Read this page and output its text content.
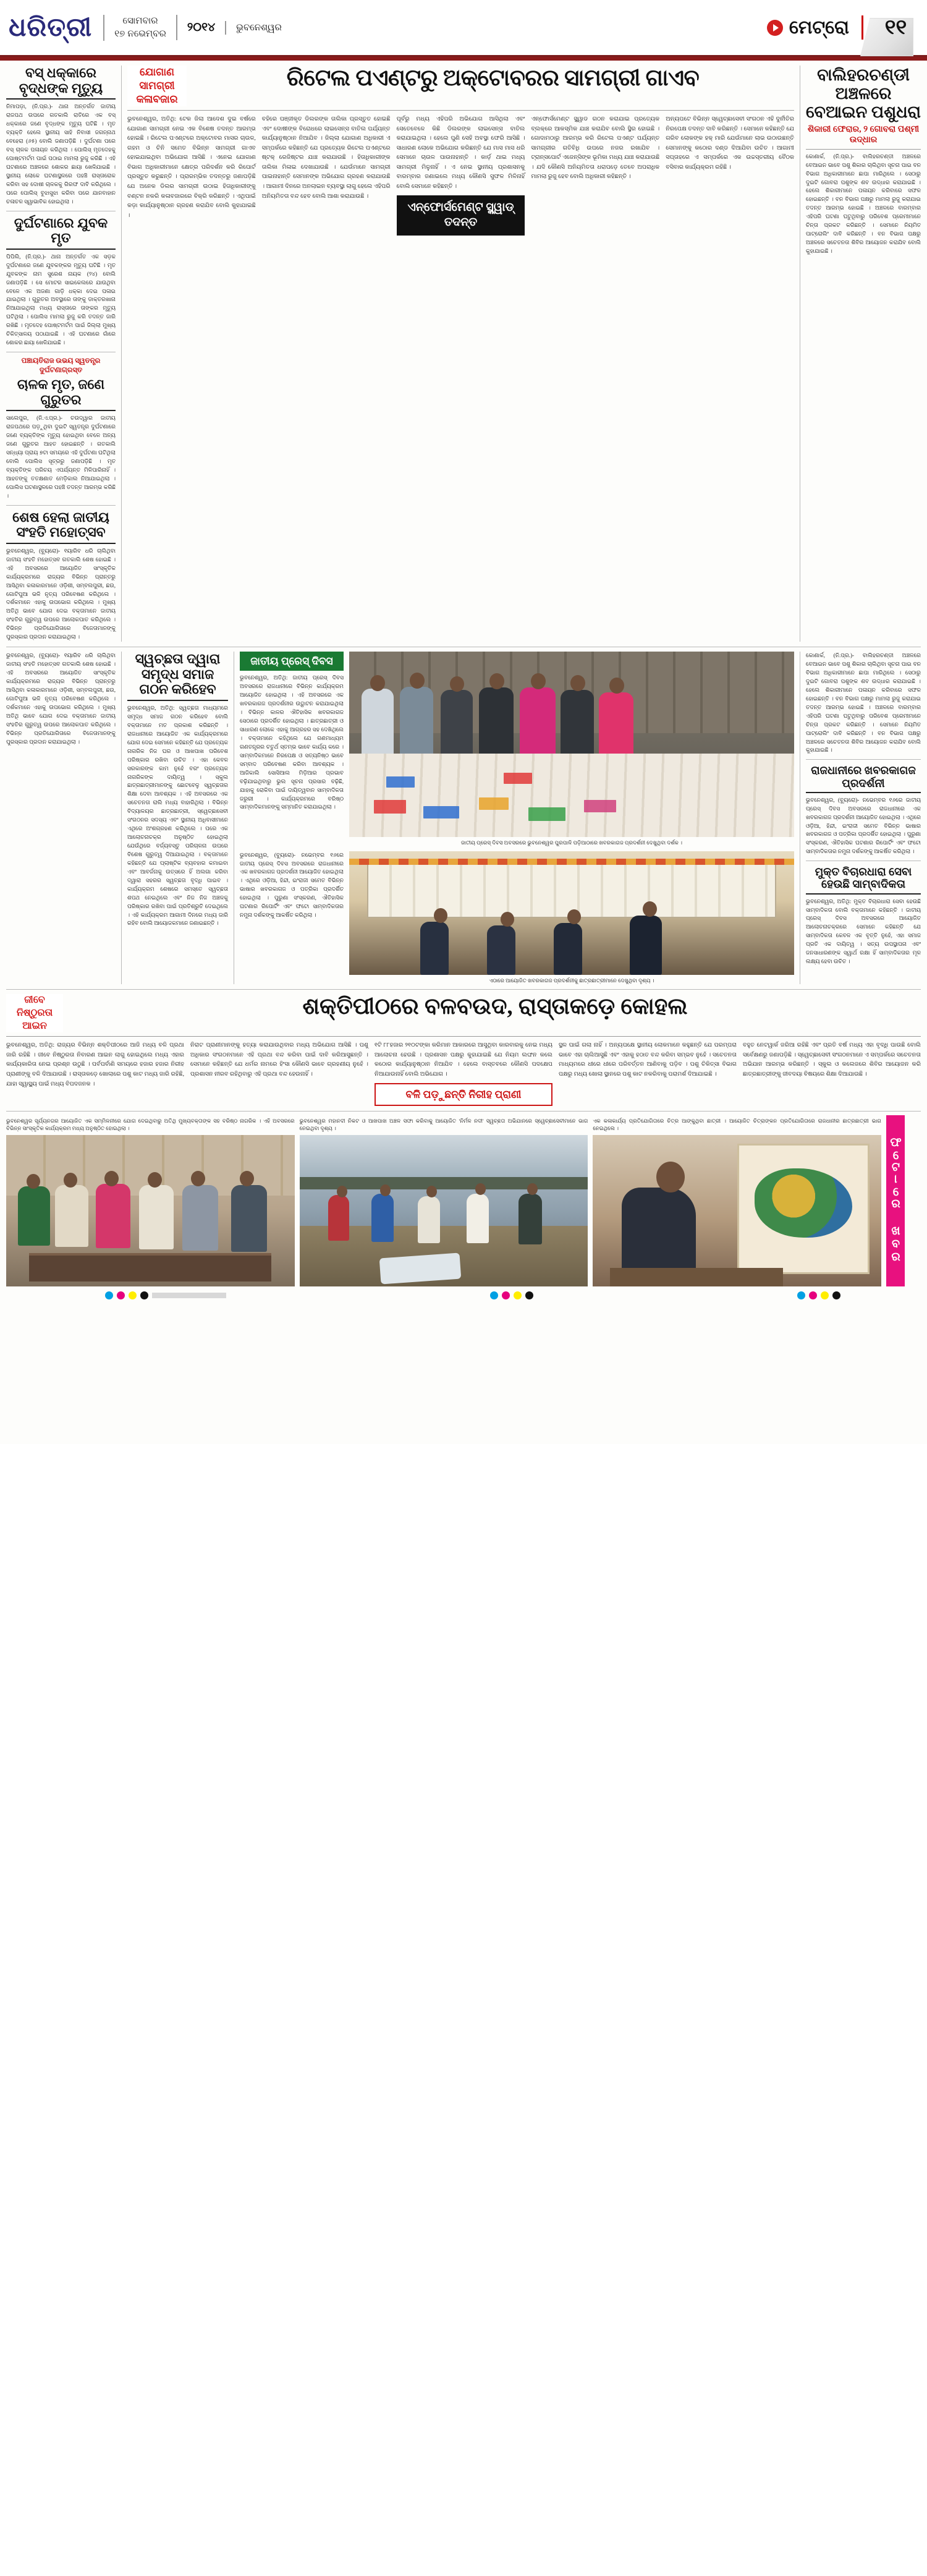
ଧରିତ୍ରୀ	ସୋମବାର
୧୭ ନଭେମ୍ବର	୨୦୧୪	ଭୁବନେଶ୍ୱର	ମେଟ୍ରୋ	୧୧
ବସ୍ ଧକ୍କାରେ ବୃଦ୍ଧଙ୍କ ମୃତ୍ୟୁ
ନିମାପଡ଼ା, (ନି.ପ୍ର.)- ଥାନା ଅନ୍ତର୍ଗତ ଜାତୀୟ ରାଜପଥ ଉପରେ ଗତକାଲି ରାତିରେ ଏକ ବସ୍ ଧକ୍କାରେ ଜଣେ ବୃଦ୍ଧଙ୍କ ମୃତ୍ୟୁ ଘଟିଛି । ମୃତ ବ୍ୟକ୍ତି ହେଲେ ସ୍ଥାନୀୟ ସାହି ନିବାସୀ ଜଗନ୍ନାଥ ବେହେରା (୬୫) ବୋଲି ଜଣାପଡ଼ିଛି । ଦୁର୍ଘଟଣା ପରେ ବସ୍ ଚାଳକ ପଳାୟନ କରିଥିଲା । ପୋଲିସ୍ ମୃତଦେହକୁ ପୋଷ୍ଟମର୍ଟମ ପାଇଁ ପଠାଇ ମାମଲା ରୁଜୁ କରିଛି । ଏହି ଘଟଣାରେ ଅଞ୍ଚଳରେ ଶୋକର ଛାୟା ଖେଳିଯାଇଛି । ସ୍ଥାନୀୟ ଲୋକେ ଘଟଣାସ୍ଥଳରେ ପହଞ୍ଚି ରାସ୍ତାରୋକ କରିବା ସହ ଦୋଷୀ ଚାଳକକୁ ଗିରଫ ଦାବି କରିଥିଲେ । ପରେ ପୋଲିସ୍ ବୁଝାସୁଝା କରିବା ପରେ ଯାନବାହାନ ଚଳାଚଳ ସ୍ୱାଭାବିକ ହୋଇଥିଲା ।
ଦୁର୍ଘଟଣାରେ ଯୁବକ ମୃତ
ପିପିଲି, (ନି.ପ୍ର.)- ଥାନା ଅନ୍ତର୍ଗତ ଏକ ସଡ଼କ ଦୁର୍ଘଟଣାରେ ଜଣେ ଯୁବକଙ୍କର ମୃତ୍ୟୁ ଘଟିଛି । ମୃତ ଯୁବକଙ୍କ ନାମ ସୁରେଶ ନାୟକ (୨୪) ବୋଲି ଜଣାପଡ଼ିଛି । ସେ ମୋଟର ସାଇକେଲରେ ଯାଉଥିବା ବେଳେ ଏକ ଅଜଣା ଗାଡ଼ି ଧକ୍କା ଦେଇ ପଳାଇ ଯାଇଥିଲା । ଗୁରୁତର ଅବସ୍ଥାରେ ତାଙ୍କୁ ଡାକ୍ତରଖାନା ନିଆଯାଇଥିଲା ମଧ୍ୟ ରାସ୍ତାରେ ତାଙ୍କର ମୃତ୍ୟୁ ଘଟିଥିଲା । ପୋଲିସ ମାମଲା ରୁଜୁ କରି ତଦନ୍ତ ଜାରି ରଖିଛି । ମୃତଦେହ ପୋଷ୍ଟମର୍ଟମ ପାଇଁ ଜିଲ୍ଲା ମୁଖ୍ୟ ଚିକିତ୍ସାଳୟ ପଠାଯାଇଛି । ଏହି ଘଟଣାରେ ଗାଁରେ ଶୋକର ଛାୟା ଖେଳିଯାଇଛି ।
ପଞ୍ଚାୟତିରାଜ ଉଭୟ ସ୍ୱତନ୍ତ୍ର ଦୁର୍ଘଟଣାଗ୍ରସ୍ତ
ଚାଳକ ମୃତ, ଜଣେ ଗୁରୁତର
ସାଲେପୁର, (ନି.ଏ.ପ୍ର.)- ଚଉଦ୍ୱାର ଜାତୀୟ ରାଜପଥରେ ପଡ଼ୁଥିବା ଦୁଇଟି ସ୍ୱତନ୍ତ୍ର ଦୁର୍ଘଟଣାରେ ଜଣେ ବ୍ୟକ୍ତିଙ୍କ ମୃତ୍ୟୁ ହୋଇଥିବା ବେଳେ ଅନ୍ୟ ଜଣେ ଗୁରୁତର ଆହତ ହୋଇଛନ୍ତି । ଗତକାଲି ସନ୍ଧ୍ୟା ପ୍ରାୟ ୭ଟା ସମୟରେ ଏହି ଦୁର୍ଘଟଣା ଘଟିଥିଲା ବୋଲି ପୋଲିସ ସୂତ୍ରରୁ ଜଣାପଡ଼ିଛି । ମୃତ ବ୍ୟକ୍ତିଙ୍କ ପରିଚୟ ଏପର୍ଯ୍ୟନ୍ତ ମିଳିପାରିନାହିଁ । ଆହତଙ୍କୁ ତତକ୍ଷଣାତ ମେଡ଼ିକାଲ ନିଆଯାଇଥିଲା । ପୋଲିସ ଘଟଣାସ୍ଥଳରେ ପହଞ୍ଚି ତଦନ୍ତ ଆରମ୍ଭ କରିଛି ।
ଶେଷ ହେଲା ଜାତୀୟ ସଂହତି ମହୋତ୍ସବ
ଭୁବନେଶ୍ୱର, (ବ୍ୟୁରୋ)- ୧ୟାରିବ ଧରି ଚାଲିଥିବା ଜାତୀୟ ସଂହତି ମହୋତ୍ସବ ଗତକାଲି ଶେଷ ହୋଇଛି । ଏହି ଅବସରରେ ଆୟୋଜିତ ସାଂସ୍କୃତିକ କାର୍ଯ୍ୟକ୍ରମରେ ରାଜ୍ୟର ବିଭିନ୍ନ ପ୍ରାନ୍ତରୁ ଆସିଥିବା କଳାକାରମାନେ ଓଡ଼ିଶୀ, ସମ୍ବଲପୁରୀ, ଛଉ, ଗୋଟିପୁଆ ଭଳି ନୃତ୍ୟ ପରିବେଷଣ କରିଥିଲେ । ଦର୍ଶକମାନେ ଏହାକୁ ଉପଭୋଗ କରିଥିଲେ । ମୁଖ୍ୟ ଅତିଥି ଭାବେ ଯୋଗ ଦେଇ ବକ୍ତାମାନେ ଜାତୀୟ ସଂହତିର ଗୁରୁତ୍ୱ ଉପରେ ଆଲୋକପାତ କରିଥିଲେ । ବିଭିନ୍ନ ପ୍ରତିଯୋଗିତାରେ ବିଜେତାମାନଙ୍କୁ ପୁରସ୍କାର ପ୍ରଦାନ କରାଯାଇଥିଲା ।
ଯୋଗାଣ ସାମଗ୍ରୀ କଳାବଜାର
ରିଟେଲ ପଏଣ୍ଟରୁ ଅକ୍ଟୋବରର ସାମଗ୍ରୀ ଗାଏବ
ଭୁବନେଶ୍ୱର, ଅତିଥି: ଟେକ ଜିଲା ଆଦେଶ ଦୁଇ ବର୍ଷରେ ଯୋଗାଣ ସାମଗ୍ରୀ ନେଇ ଏକ ବିଶେଷ ତଦନ୍ତ ଆରମ୍ଭ ହୋଇଛି । ରିଟେଲ ପଏଣ୍ଟରେ ଅକ୍ଟୋବର ମାସର ଚାଉଳ, ଗହମ ଓ ଚିନି ସମେତ ବିଭିନ୍ନ ସାମଗ୍ରୀ ଗାଏବ ହୋଇଯାଇଥିବା ଅଭିଯୋଗ ଆସିଛି । ଏନେଇ ଯୋଗାଣ ବିଭାଗ ଅଧିକାରୀମାନେ କ୍ଷେତ୍ର ପରିଦର୍ଶନ କରି ରିପୋର୍ଟ ପ୍ରସ୍ତୁତ କରୁଛନ୍ତି । ପ୍ରାରମ୍ଭିକ ତଦନ୍ତରୁ ଜଣାପଡ଼ିଛି ଯେ ଅନେକ ଡିଲର ସାମଗ୍ରୀ ଉଠାଇ ହିତାଧିକାରୀଙ୍କୁ ବଣ୍ଟନ ନକରି କଳାବଜାରରେ ବିକ୍ରି କରିଛନ୍ତି । ଏଥିପାଇଁ କଡ଼ା କାର୍ଯ୍ୟାନୁଷ୍ଠାନ ଗ୍ରହଣ କରାଯିବ ବୋଲି କୁହାଯାଇଛି ।
ବହିରେ ପଞ୍ଜୀକୃତ ଡିଲରଙ୍କ ତାଲିକା ପ୍ରସ୍ତୁତ ହୋଇଛି ଏବଂ ଦୋଷୀଙ୍କ ବିରୋଧରେ ଲାଇସେନ୍ସ ବାତିଲ ପର୍ଯ୍ୟନ୍ତ କାର୍ଯ୍ୟାନୁଷ୍ଠାନ ନିଆଯିବ । ଜିଲ୍ଲା ଯୋଗାଣ ଅଧିକାରୀ ଏ ସମ୍ପର୍କରେ କହିଛନ୍ତି ଯେ ପ୍ରତ୍ୟେକ ରିଟେଲ ପଏଣ୍ଟରେ ଷ୍ଟକ୍ ରେଜିଷ୍ଟର ଯାଞ୍ଚ କରାଯାଉଛି । ହିତାଧିକାରୀଙ୍କ ତାଲିକା ମିଳାଇ ଦେଖାଯାଉଛି । ଯେଉଁମାନେ ସାମଗ୍ରୀ ପାଇନାହାନ୍ତି ସେମାନଙ୍କ ଅଭିଯୋଗ ଗ୍ରହଣ କରାଯାଉଛି । ଆଗାମୀ ଦିନରେ ଅନଲାଇନ ବ୍ୟବସ୍ଥା ଲାଗୁ ହେଲେ ଏହିପରି ଅନିୟମିତତା ବନ୍ଦ ହେବ ବୋଲି ଆଶା କରାଯାଉଛି ।
ପୂର୍ବରୁ ମଧ୍ୟ ଏହିପରି ଅଭିଯୋଗ ଆସିଥିଲା ଏବଂ ସେତେବେଳେ କିଛି ଡିଲରଙ୍କ ଲାଇସେନ୍ସ ବାତିଲ କରାଯାଇଥିଲା । ହେଲେ ପୁଣି ସେହି ଅବସ୍ଥା ଫେରି ଆସିଛି । ସାଧାରଣ ଲୋକେ ଅଭିଯୋଗ କରିଛନ୍ତି ଯେ ମାସ ମାସ ଧରି ସେମାନେ ଚାଉଳ ପାଉନାହାନ୍ତି । କାର୍ଡ଼ ଥାଇ ମଧ୍ୟ ସାମଗ୍ରୀ ମିଳୁନାହିଁ । ଏ ନେଇ ସ୍ଥାନୀୟ ପ୍ରଶାସନକୁ ବାରମ୍ବାର ଜଣାଇଲେ ମଧ୍ୟ କୌଣସି ସୁଫଳ ମିଳିନାହିଁ ବୋଲି ସେମାନେ କହିଛନ୍ତି ।
ଏନ୍‌ଫୋର୍ସମେଣ୍ଟ ସ୍କ୍ୱାଡ୍ ତଦନ୍ତ
ଏନ୍‌ଫୋର୍ସମେଣ୍ଟ ସ୍କ୍ୱାଡ ଗଠନ କରାଯାଇ ପ୍ରତ୍ୟେକ ବ୍ଲକ୍‌ରେ ଆକସ୍ମିକ ଯାଞ୍ଚ କରାଯିବ ବୋଲି ସ୍ଥିର ହୋଇଛି । ଗୋଦାମଠାରୁ ଆରମ୍ଭ କରି ରିଟେଲ ପଏଣ୍ଟ ପର୍ଯ୍ୟନ୍ତ ସାମଗ୍ରୀର ଗତିବିଧି ଉପରେ ନଜର ରଖାଯିବ । ଟ୍ରାନ୍ସପୋର୍ଟ ଏଜେନ୍ସିଙ୍କ ଭୂମିକା ମଧ୍ୟ ଯାଞ୍ଚ କରାଯାଉଛି । ଯଦି କୌଣସି ଅନିୟମିତତା ଧରାପଡ଼େ ତେବେ ଅପରାଧିକ ମାମଲା ରୁଜୁ ହେବ ବୋଲି ଅଧିକାରୀ କହିଛନ୍ତି ।
ଅନ୍ୟପଟେ ବିଭିନ୍ନ ସ୍ୱେଚ୍ଛାସେବୀ ସଂଗଠନ ଏହି ଦୁର୍ନୀତିର ନିରପେକ୍ଷ ତଦନ୍ତ ଦାବି କରିଛନ୍ତି । ସେମାନେ କହିଛନ୍ତି ଯେ ଗରିବ ଲୋକଙ୍କ ହକ୍ ମାରି ଯେଉଁମାନେ ଲାଭ ଉଠାଉଛନ୍ତି ସେମାନଙ୍କୁ କଠୋର ଦଣ୍ଡ ଦିଆଯିବା ଉଚିତ । ଆଗାମୀ ସପ୍ତାହରେ ଏ ସମ୍ପର୍କରେ ଏକ ଉଚ୍ଚସ୍ତରୀୟ ବୈଠକ ବସିବାର କାର୍ଯ୍ୟକ୍ରମ ରହିଛି ।
ବାଲିହରଚଣ୍ଡୀ ଅଞ୍ଚଳରେ ବେଆଇନ ପଶୁଧରା
ଶିକାରୀ ଫେରାର, ୨ ଗୋବରା ପଶ୍ମୀ ଉଦ୍ଧାର
କୋଣାର୍କ, (ନି.ପ୍ର.)- ବାଲିହରଚଣ୍ଡୀ ଅଞ୍ଚଳରେ ବେଆଇନ ଭାବେ ପଶୁ ଶିକାର ଚାଲିଥିବା ସୂଚନା ପାଇ ବନ ବିଭାଗ ଅଧିକାରୀମାନେ ଛାପା ମାରିଥିଲେ । ସେଠାରୁ ଦୁଇଟି ଗୋବରା ପଶୁଙ୍କ ଶବ ଉଦ୍ଧାର କରାଯାଇଛି । ହେଲେ ଶିକାରୀମାନେ ପଳାୟନ କରିବାରେ ସଫଳ ହୋଇଛନ୍ତି । ବନ ବିଭାଗ ପକ୍ଷରୁ ମାମଲା ରୁଜୁ କରାଯାଇ ତଦନ୍ତ ଆରମ୍ଭ ହୋଇଛି । ଅଞ୍ଚଳରେ ବାରମ୍ବାର ଏହିପରି ଘଟଣା ଘଟୁଥିବାରୁ ପରିବେଶ ପ୍ରେମୀମାନେ ଚିନ୍ତା ପ୍ରକଟ କରିଛନ୍ତି । ସେମାନେ ନିୟମିତ ପାଟ୍ରୋଲିଂ ଦାବି କରିଛନ୍ତି । ବନ ବିଭାଗ ପକ୍ଷରୁ ଅଞ୍ଚଳରେ ସଚେତନତା ଶିବିର ଆୟୋଜନ କରାଯିବ ବୋଲି କୁହାଯାଇଛି ।
ଭୁବନେଶ୍ୱର, (ବ୍ୟୁରୋ)- ୧ୟାରିବ ଧରି ଚାଲିଥିବା ଜାତୀୟ ସଂହତି ମହୋତ୍ସବ ଗତକାଲି ଶେଷ ହୋଇଛି । ଏହି ଅବସରରେ ଆୟୋଜିତ ସାଂସ୍କୃତିକ କାର୍ଯ୍ୟକ୍ରମରେ ରାଜ୍ୟର ବିଭିନ୍ନ ପ୍ରାନ୍ତରୁ ଆସିଥିବା କଳାକାରମାନେ ଓଡ଼ିଶୀ, ସମ୍ବଲପୁରୀ, ଛଉ, ଗୋଟିପୁଆ ଭଳି ନୃତ୍ୟ ପରିବେଷଣ କରିଥିଲେ । ଦର୍ଶକମାନେ ଏହାକୁ ଉପଭୋଗ କରିଥିଲେ । ମୁଖ୍ୟ ଅତିଥି ଭାବେ ଯୋଗ ଦେଇ ବକ୍ତାମାନେ ଜାତୀୟ ସଂହତିର ଗୁରୁତ୍ୱ ଉପରେ ଆଲୋକପାତ କରିଥିଲେ । ବିଭିନ୍ନ ପ୍ରତିଯୋଗିତାରେ ବିଜେତାମାନଙ୍କୁ ପୁରସ୍କାର ପ୍ରଦାନ କରାଯାଇଥିଲା ।
ସ୍ୱଚ୍ଛତା ଦ୍ୱାରା ସମୃଦ୍ଧ ସମାଜ ଗଠନ କରିହେବ
ଭୁବନେଶ୍ୱର, ଅତିଥି: ସ୍ୱଚ୍ଛତା ମାଧ୍ୟମରେ ସମୃଦ୍ଧ ସମାଜ ଗଠନ କରିହେବ ବୋଲି ବକ୍ତାମାନେ ମତ ପ୍ରକାଶ କରିଛନ୍ତି । ରାଜଧାନୀରେ ଆୟୋଜିତ ଏକ କାର୍ଯ୍ୟକ୍ରମରେ ଯୋଗ ଦେଇ ସେମାନେ କହିଛନ୍ତି ଯେ ପ୍ରତ୍ୟେକ ନାଗରିକ ନିଜ ଘର ଓ ଆଖପାଖ ପରିବେଶ ପରିଷ୍କାର ରଖିବା ଉଚିତ । ଏହା କେବଳ ସରକାରଙ୍କ କାମ ନୁହେଁ ବରଂ ପ୍ରତ୍ୟେକ ନାଗରିକଙ୍କ ଦାୟିତ୍ୱ । ସ୍କୁଲ ଛାତ୍ରଛାତ୍ରୀମାନଙ୍କୁ ଛୋଟବେଳୁ ସ୍ୱଚ୍ଛତାର ଶିକ୍ଷା ଦେବା ଆବଶ୍ୟକ । ଏହି ଅବସରରେ ଏକ ସଚେତନତା ରାଲି ମଧ୍ୟ ବାହାରିଥିଲା । ବିଭିନ୍ନ ବିଦ୍ୟାଳୟର ଛାତ୍ରଛାତ୍ରୀ, ସ୍ୱେଚ୍ଛାସେବୀ ସଂଗଠନର ସଦସ୍ୟ ଏବଂ ସ୍ଥାନୀୟ ଅଧିବାସୀମାନେ ଏଥିରେ ଅଂଶଗ୍ରହଣ କରିଥିଲେ । ପରେ ଏକ ଆଲୋଚନାଚକ୍ର ଅନୁଷ୍ଠିତ ହୋଇଥିଲା ଯେଉଁଥିରେ ବର୍ଜ୍ୟବସ୍ତୁ ପରିଚାଳନା ଉପରେ ବିଶେଷ ଗୁରୁତ୍ୱ ଦିଆଯାଇଥିଲା । ବକ୍ତାମାନେ କହିଛନ୍ତି ଯେ ପ୍ଲାଷ୍ଟିକ ବ୍ୟବହାର କମାଇବା ଏବଂ ଆବର୍ଜନାକୁ ଉତ୍ସରେ ହିଁ ଅଲଗା କରିବା ଦ୍ୱାରା ସହରର ସ୍ୱଚ୍ଛତା ବୃଦ୍ଧି ପାଇବ । କାର୍ଯ୍ୟକ୍ରମ ଶେଷରେ ସମସ୍ତେ ସ୍ୱଚ୍ଛତା ଶପଥ ନେଇଥିଲେ ଏବଂ ନିଜ ନିଜ ଅଞ୍ଚଳକୁ ପରିଷ୍କାର ରଖିବା ପାଇଁ ପ୍ରତିଶ୍ରୁତି ଦେଇଥିଲେ । ଏହି କାର୍ଯ୍ୟକ୍ରମ ଆଗାମୀ ଦିନରେ ମଧ୍ୟ ଜାରି ରହିବ ବୋଲି ଆୟୋଜକମାନେ ଜଣାଇଛନ୍ତି ।
ଜାତୀୟ ପ୍ରେସ୍ ଦିବସ
ଭୁବନେଶ୍ୱର, ଅତିଥି: ଜାତୀୟ ପ୍ରେସ୍ ଦିବସ ଅବସରରେ ରାଜଧାନୀରେ ବିଭିନ୍ନ କାର୍ଯ୍ୟକ୍ରମ ଆୟୋଜିତ ହୋଇଥିଲା । ଏହି ଅବସରରେ ଏକ ଖବରକାଗଜ ପ୍ରଦର୍ଶନୀର ଉଦ୍ଘାଟନ କରାଯାଇଥିଲା । ବିଭିନ୍ନ କାଳର ଐତିହାସିକ ଖବରକାଗଜ ସେଠାରେ ପ୍ରଦର୍ଶିତ ହୋଇଥିଲା । ଛାତ୍ରଛାତ୍ରୀ ଓ ସାଧାରଣ ଲୋକେ ଏହାକୁ ଆଗ୍ରହର ସହ ଦେଖିଥିଲେ । ବକ୍ତାମାନେ କହିଥିଲେ ଯେ ଗଣମାଧ୍ୟମ ଗଣତନ୍ତ୍ରର ଚତୁର୍ଥ ସ୍ତମ୍ଭ ଭାବେ କାର୍ଯ୍ୟ କରେ । ସାମ୍ବାଦିକମାନେ ନିରପେକ୍ଷ ଓ ସତ୍ୟନିଷ୍ଠ ଭାବେ ସମ୍ବାଦ ପରିବେଷଣ କରିବା ଆବଶ୍ୟକ । ଆଜିକାଲି ସୋସିଆଲ ମିଡ଼ିଆର ପ୍ରଭାବ ବଢ଼ିଯାଇଥିବାରୁ ଭୁଲ ସୂଚନା ପ୍ରସାର ବଢ଼ିଛି, ଯାହାକୁ ରୋକିବା ପାଇଁ ଦାୟିତ୍ୱବାନ ସାମ୍ବାଦିକତା ଜରୁରୀ । କାର୍ଯ୍ୟକ୍ରମରେ ବରିଷ୍ଠ ସାମ୍ବାଦିକମାନଙ୍କୁ ସମ୍ମାନିତ କରାଯାଇଥିଲା ।
ଜାତୀୟ ପ୍ରେସ୍ ଦିବସ ଅବସରରେ ଭୁବନେଶ୍ୱର ପୁରପାଳି ପଡ଼ିଆଠାରେ ଖବରକାଗଜ ପ୍ରଦର୍ଶନୀ ଦେଖୁଥିବା ଦର୍ଶକ ।
ଭୁବନେଶ୍ୱର, (ବ୍ୟୁରୋ)- ନଭେମ୍ବର ୧୬ରେ ଜାତୀୟ ପ୍ରେସ୍ ଦିବସ ଅବସରରେ ରାଜଧାନୀରେ ଏକ ଖବରକାଗଜ ପ୍ରଦର୍ଶନୀ ଆୟୋଜିତ ହୋଇଥିଲା । ଏଥିରେ ଓଡ଼ିଆ, ହିନ୍ଦୀ, ଇଂରାଜୀ ସମେତ ବିଭିନ୍ନ ଭାଷାର ଖବରକାଗଜ ଓ ପତ୍ରିକା ପ୍ରଦର୍ଶିତ ହୋଇଥିଲା । ପୁରୁଣା ସଂସ୍କରଣ, ଐତିହାସିକ ଘଟଣାର ରିପୋର୍ଟିଂ ଏବଂ ଫଟୋ ସାମ୍ବାଦିକତାର ନମୁନା ଦର୍ଶକଙ୍କୁ ଆକର୍ଷିତ କରିଥିଲା ।
ଏଠାରେ ଆୟୋଜିତ ଖବରକାଗଜ ପ୍ରଦର୍ଶନୀକୁ ଛାତ୍ରଛାତ୍ରୀମାନେ ଦେଖୁଥିବା ଦୃଶ୍ୟ ।
କୋଣାର୍କ, (ନି.ପ୍ର.)- ବାଲିହରଚଣ୍ଡୀ ଅଞ୍ଚଳରେ ବେଆଇନ ଭାବେ ପଶୁ ଶିକାର ଚାଲିଥିବା ସୂଚନା ପାଇ ବନ ବିଭାଗ ଅଧିକାରୀମାନେ ଛାପା ମାରିଥିଲେ । ସେଠାରୁ ଦୁଇଟି ଗୋବରା ପଶୁଙ୍କ ଶବ ଉଦ୍ଧାର କରାଯାଇଛି । ହେଲେ ଶିକାରୀମାନେ ପଳାୟନ କରିବାରେ ସଫଳ ହୋଇଛନ୍ତି । ବନ ବିଭାଗ ପକ୍ଷରୁ ମାମଲା ରୁଜୁ କରାଯାଇ ତଦନ୍ତ ଆରମ୍ଭ ହୋଇଛି । ଅଞ୍ଚଳରେ ବାରମ୍ବାର ଏହିପରି ଘଟଣା ଘଟୁଥିବାରୁ ପରିବେଶ ପ୍ରେମୀମାନେ ଚିନ୍ତା ପ୍ରକଟ କରିଛନ୍ତି । ସେମାନେ ନିୟମିତ ପାଟ୍ରୋଲିଂ ଦାବି କରିଛନ୍ତି । ବନ ବିଭାଗ ପକ୍ଷରୁ ଅଞ୍ଚଳରେ ସଚେତନତା ଶିବିର ଆୟୋଜନ କରାଯିବ ବୋଲି କୁହାଯାଇଛି ।
ରାଜଧାନୀରେ ଖବରକାଗଜ ପ୍ରଦର୍ଶନୀ
ଭୁବନେଶ୍ୱର, (ବ୍ୟୁରୋ)- ନଭେମ୍ବର ୧୬ରେ ଜାତୀୟ ପ୍ରେସ୍ ଦିବସ ଅବସରରେ ରାଜଧାନୀରେ ଏକ ଖବରକାଗଜ ପ୍ରଦର୍ଶନୀ ଆୟୋଜିତ ହୋଇଥିଲା । ଏଥିରେ ଓଡ଼ିଆ, ହିନ୍ଦୀ, ଇଂରାଜୀ ସମେତ ବିଭିନ୍ନ ଭାଷାର ଖବରକାଗଜ ଓ ପତ୍ରିକା ପ୍ରଦର୍ଶିତ ହୋଇଥିଲା । ପୁରୁଣା ସଂସ୍କରଣ, ଐତିହାସିକ ଘଟଣାର ରିପୋର୍ଟିଂ ଏବଂ ଫଟୋ ସାମ୍ବାଦିକତାର ନମୁନା ଦର୍ଶକଙ୍କୁ ଆକର୍ଷିତ କରିଥିଲା ।
ମୁକ୍ତ ବିଚାରଧାରା ସେବା ହେଉଛି ସାମ୍ବାଦିକତା
ଭୁବନେଶ୍ୱର, ଅତିଥି: ମୁକ୍ତ ବିଚାରଧାରା ସେବା ହେଉଛି ସାମ୍ବାଦିକତା ବୋଲି ବକ୍ତାମାନେ କହିଛନ୍ତି । ଜାତୀୟ ପ୍ରେସ୍ ଦିବସ ଅବସରରେ ଆୟୋଜିତ ଆଲୋଚନାଚକ୍ରରେ ସେମାନେ କହିଛନ୍ତି ଯେ ସାମ୍ବାଦିକତା କେବଳ ଏକ ବୃତ୍ତି ନୁହେଁ, ଏହା ସମାଜ ପ୍ରତି ଏକ ଦାୟିତ୍ୱ । ସତ୍ୟ ଉପସ୍ଥାପନା ଏବଂ ଜନସାଧାରଣଙ୍କ ସ୍ୱାର୍ଥ ରକ୍ଷା ହିଁ ସାମ୍ବାଦିକତାର ମୂଳ ଲକ୍ଷ୍ୟ ହେବା ଉଚିତ ।
ଜୀବେ ନିଷ୍ଠୁରତା ଆଇନ
ଶକ୍ତିପୀଠରେ ବଳବଉଦ, ରାସ୍ତାକଡ଼େ କୋହଲ
ଭୁବନେଶ୍ୱର, ଅତିଥି: ରାଜ୍ୟର ବିଭିନ୍ନ ଶକ୍ତିପୀଠରେ ଆଜି ମଧ୍ୟ ବଳି ପ୍ରଥା ଜାରି ରହିଛି । ଜୀବେ ନିଷ୍ଠୁରତା ନିବାରଣ ଆଇନ ଲାଗୁ ହୋଇଥିଲେ ମଧ୍ୟ ଏହାର କାର୍ଯ୍ୟକାରିତା ନେଇ ପ୍ରଶ୍ନ ଉଠୁଛି । ପର୍ବପର୍ବାଣି ସମୟରେ ହଜାର ହଜାର ନିରୀହ ପ୍ରାଣୀଙ୍କୁ ବଳି ଦିଆଯାଉଛି । ରାସ୍ତାକଡ଼େ ଖୋଲାରେ ପଶୁ କାଟ ମଧ୍ୟ ଜାରି ରହିଛି, ଯାହା ସ୍ୱାସ୍ଥ୍ୟ ପାଇଁ ମଧ୍ୟ ବିପଦଜନକ ।
ନିରାଟ ପ୍ରାଣୀମାନଙ୍କୁ ହତ୍ୟା କରାଯାଉଥିବାର ମଧ୍ୟ ଅଭିଯୋଗ ଆସିଛି । ପଶୁ ଅଧିକାର ସଂଗଠନମାନେ ଏହି ପ୍ରଥା ବନ୍ଦ କରିବା ପାଇଁ ଦାବି କରିଆସୁଛନ୍ତି । ସେମାନେ କହିଛନ୍ତି ଯେ ଧର୍ମର ନାମରେ ହିଂସା କୌଣସି ଭାବେ ଗ୍ରହଣୀୟ ନୁହେଁ । ପ୍ରଶାସନ ନୀରବ ରହିଥିବାରୁ ଏହି ପ୍ରଥା ବନ୍ଦ ହେଉନାହିଁ ।
୧ଟି ୮୮ହଜାର ୨୧୦ଟଙ୍କା କରିମାନ ଆକାରରେ ଆସୁଥିବା କାରବାରକୁ ନେଇ ମଧ୍ୟ ଆଲୋଚନା ହେଉଛି । ପ୍ରଶାସନ ପକ୍ଷରୁ କୁହାଯାଇଛି ଯେ ନିୟମ ଲଙ୍ଘନ କଲେ କଠୋର କାର୍ଯ୍ୟାନୁଷ୍ଠାନ ନିଆଯିବ । ହେଲେ ବାସ୍ତବରେ କୌଣସି ପଦକ୍ଷେପ ନିଆଯାଉନାହିଁ ବୋଲି ଅଭିଯୋଗ ।
ବଳି ପଡ଼ୁଛନ୍ତି ନିରୀହ ପ୍ରାଣୀ
ସ୍ଥଳ ପାଇଁ ଗଲା ନାହିଁ । ଅନ୍ୟପକ୍ଷେ ସ୍ଥାନୀୟ ଲୋକମାନେ କହୁଛନ୍ତି ଯେ ପରମ୍ପରା ଭାବେ ଏହା ଚାଲିଆସୁଛି ଏବଂ ଏହାକୁ ହଠାତ ବନ୍ଦ କରିବା ସମ୍ଭବ ନୁହେଁ । ସଚେତନତା ମାଧ୍ୟମରେ ଧୀରେ ଧୀରେ ପରିବର୍ତ୍ତନ ଆଣିବାକୁ ପଡ଼ିବ । ପଶୁ ଚିକିତ୍ସା ବିଭାଗ ପକ୍ଷରୁ ମଧ୍ୟ ଖୋଲା ସ୍ଥାନରେ ପଶୁ କାଟ ନକରିବାକୁ ପରାମର୍ଶ ଦିଆଯାଇଛି ।
ବହୁତ ନେଟୱାର୍କ ଜରିଆ ରହିଛି ଏବଂ ପ୍ରତି ବର୍ଷ ମଧ୍ୟ ଏହା ବୃଦ୍ଧି ପାଉଛି ବୋଲି ସର୍ବେକ୍ଷଣରୁ ଜଣାପଡ଼ିଛି । ସ୍ୱେଚ୍ଛାସେବୀ ସଂଗଠନମାନେ ଏ ସମ୍ପର୍କରେ ସଚେତନତା ଅଭିଯାନ ଆରମ୍ଭ କରିଛନ୍ତି । ସ୍କୁଲ ଓ କଲେଜରେ ଶିବିର ଆୟୋଜନ କରି ଛାତ୍ରଛାତ୍ରୀଙ୍କୁ ଜୀବଦୟା ବିଷୟରେ ଶିକ୍ଷା ଦିଆଯାଉଛି ।
ଭୁବନେଶ୍ୱର ସୂର୍ଯ୍ୟନଗର ଆୟୋଜିତ ଏକ ସମ୍ମିଳନୀରେ ଯୋଗ ଦେଇଥିବାରୁ ଅତିଥି ମୁଖ୍ୟବକ୍ତାଙ୍କ ସହ ବରିଷ୍ଠ ନାଗରିକ । ଏହି ଅବସରରେ ବିଭିନ୍ନ ସାଂସ୍କୃତିକ କାର୍ଯ୍ୟକ୍ରମ ମଧ୍ୟ ଅନୁଷ୍ଠିତ ହୋଇଥିଲା ।
ଭୁବନେଶ୍ୱର ମହାନଦୀ ନିକଟ ଓ ଆଖପାଖ ଅଞ୍ଚଳ ସଫା କରିବାକୁ ଆୟୋଜିତ 'ନିର୍ମଳ ନଦୀ' ସ୍ୱଚ୍ଛତା ଅଭିଯାନରେ ସ୍ୱେଚ୍ଛାସେବୀମାନେ ଭାଗ ନେଇଥିବା ଦୃଶ୍ୟ ।
ଏକ କଳାକାର୍ଯ୍ୟ ପ୍ରତିଯୋଗିତାରେ ଚିତ୍ର ଆଙ୍କୁଥିବା ଛାତ୍ରୀ । ଆୟୋଜିତ ଚିତ୍ରାଙ୍କନ ପ୍ରତିଯୋଗିତାରେ ରାଜଧାନୀର ଛାତ୍ରଛାତ୍ରୀ ଭାଗ ନେଇଥିଲେ ।
ଫଟୋରେ ଖବର
